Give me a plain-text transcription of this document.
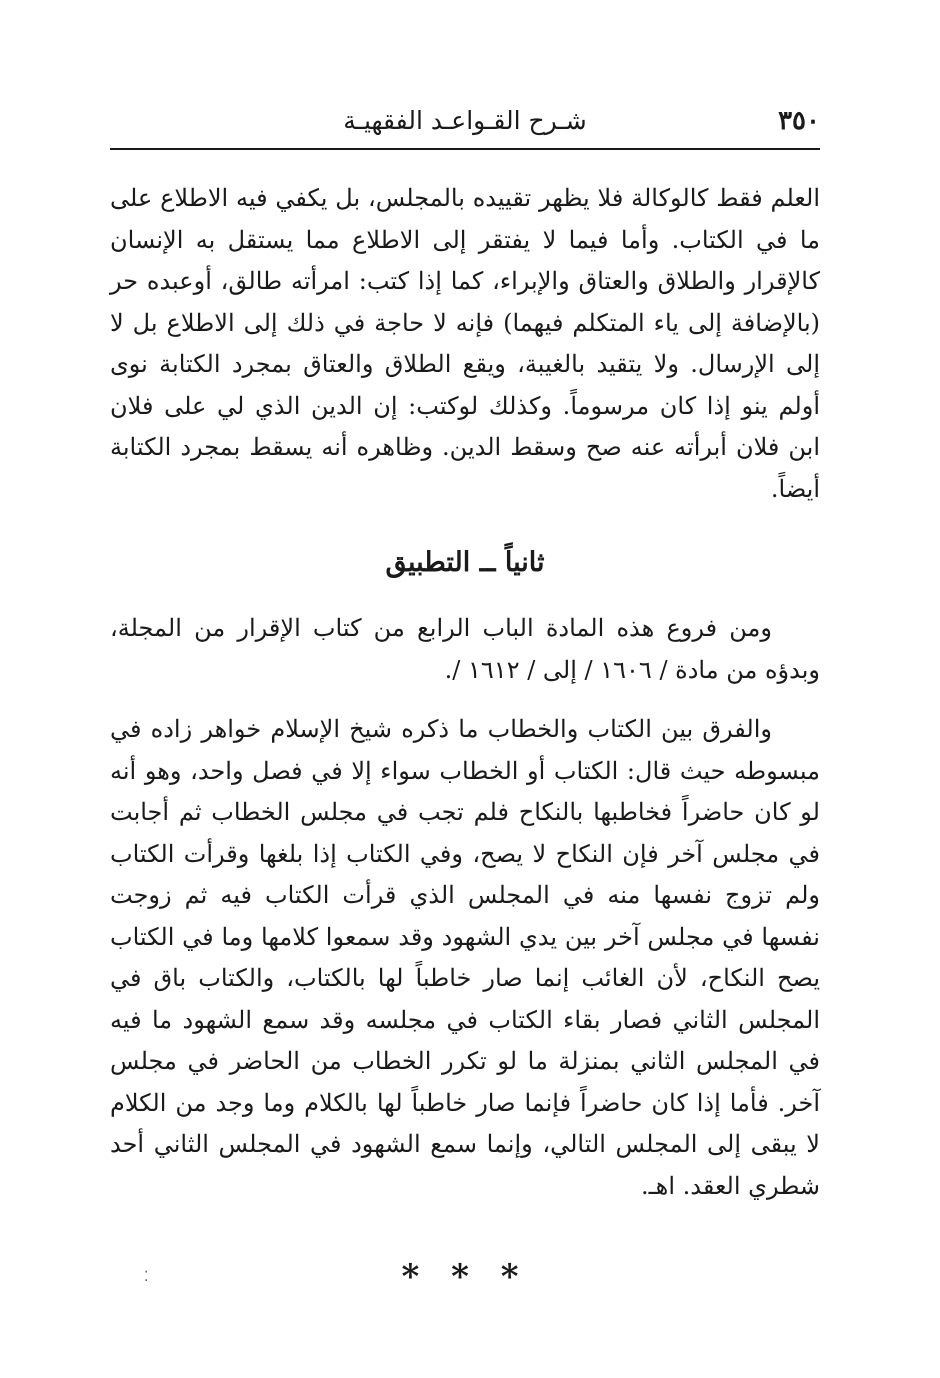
٣٥٠
شـرح القـواعـد الفقهيـة

العلم فقط كالوكالة فلا يظهر تقييده بالمجلس، بل يكفي فيه الاطلاع على ما في الكتاب. وأما فيما لا يفتقر إلى الاطلاع مما يستقل به الإنسان كالإقرار والطلاق والعتاق والإبراء، كما إذا كتب: امرأته طالق، أوعبده حر (بالإضافة إلى ياء المتكلم فيهما) فإنه لا حاجة في ذلك إلى الاطلاع بل لا إلى الإرسال. ولا يتقيد بالغيبة، ويقع الطلاق والعتاق بمجرد الكتابة نوى أولم ينو إذا كان مرسوماً. وكذلك لوكتب: إن الدين الذي لي على فلان ابن فلان أبرأته عنه صح وسقط الدين. وظاهره أنه يسقط بمجرد الكتابة أيضاً.

ثانياً ــ التطبيق

ومن فروع هذه المادة الباب الرابع من كتاب الإقرار من المجلة، وبدؤه من مادة / ١٦٠٦ / إلى / ١٦١٢ /.

والفرق بين الكتاب والخطاب ما ذكره شيخ الإسلام خواهر زاده في مبسوطه حيث قال: الكتاب أو الخطاب سواء إلا في فصل واحد، وهو أنه لو كان حاضراً فخاطبها بالنكاح فلم تجب في مجلس الخطاب ثم أجابت في مجلس آخر فإن النكاح لا يصح، وفي الكتاب إذا بلغها وقرأت الكتاب ولم تزوج نفسها منه في المجلس الذي قرأت الكتاب فيه ثم زوجت نفسها في مجلس آخر بين يدي الشهود وقد سمعوا كلامها وما في الكتاب يصح النكاح، لأن الغائب إنما صار خاطباً لها بالكتاب، والكتاب باق في المجلس الثاني فصار بقاء الكتاب في مجلسه وقد سمع الشهود ما فيه في المجلس الثاني بمنزلة ما لو تكرر الخطاب من الحاضر في مجلس آخر. فأما إذا كان حاضراً فإنما صار خاطباً لها بالكلام وما وجد من الكلام لا يبقى إلى المجلس التالي، وإنما سمع الشهود في المجلس الثاني أحد شطري العقد. اهـ.

* * *
⁚
